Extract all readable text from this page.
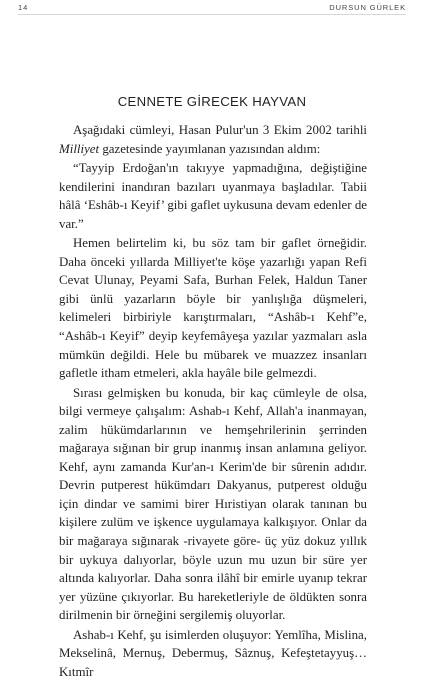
14	DURSUN GÜRLEK
CENNETE GİRECEK HAYVAN

Aşağıdaki cümleyi, Hasan Pulur'un 3 Ekim 2002 tarihli Milliyet gazetesinde yayımlanan yazısından aldım:

“Tayyip Erdoğan'ın takıyye yapmadığına, değiştiğine kendilerini inandıran bazıları uyanmaya başladılar. Tabii hâlâ ‘Eshâb-ı Keyif’ gibi gaflet uykusuna devam edenler de var.”

Hemen belirtelim ki, bu söz tam bir gaflet örneğidir. Daha önceki yıllarda Milliyet'te köşe yazarlığı yapan Refi Cevat Ulunay, Peyami Safa, Burhan Felek, Haldun Taner gibi ünlü yazarların böyle bir yanlışlığa düşmeleri, kelimeleri birbiriyle karıştırmaları, “Ashâb-ı Kehf”e, “Ashâb-ı Keyif” deyip keyfemâyeşa yazılar yazmaları asla mümkün değildi. Hele bu mübarek ve muazzez insanları gafletle itham etmeleri, akla hayâle bile gelmezdi.

Sırası gelmişken bu konuda, bir kaç cümleyle de olsa, bilgi vermeye çalışalım: Ashab-ı Kehf, Allah'a inanmayan, zalim hükümdarlarının ve hemşehrilerinin şerrinden mağaraya sığınan bir grup inanmış insan anlamına geliyor. Kehf, aynı zamanda Kur'an-ı Kerim'de bir sûrenin adıdır. Devrin putperest hükümdarı Dakyanus, putperest olduğu için dindar ve samimi birer Hıristiyan olarak tanınan bu kişilere zulüm ve işkence uygulamaya kalkışıyor. Onlar da bir mağaraya sığınarak -rivayete göre- üç yüz dokuz yıllık bir uykuya dalıyorlar, böyle uzun mu uzun bir süre yer altında kalıyorlar. Daha sonra ilâhî bir emirle uyanıp tekrar yer yüzüne çıkıyorlar. Bu hareketleriyle de öldükten sonra dirilmenin bir örneğini sergilemiş oluyorlar.

Ashab-ı Kehf, şu isimlerden oluşuyor: Yemlîha, Mislina, Mekselinâ, Mernuş, Debermuş, Sâznuş, Kefeştetayyuş… Kıtmîr
